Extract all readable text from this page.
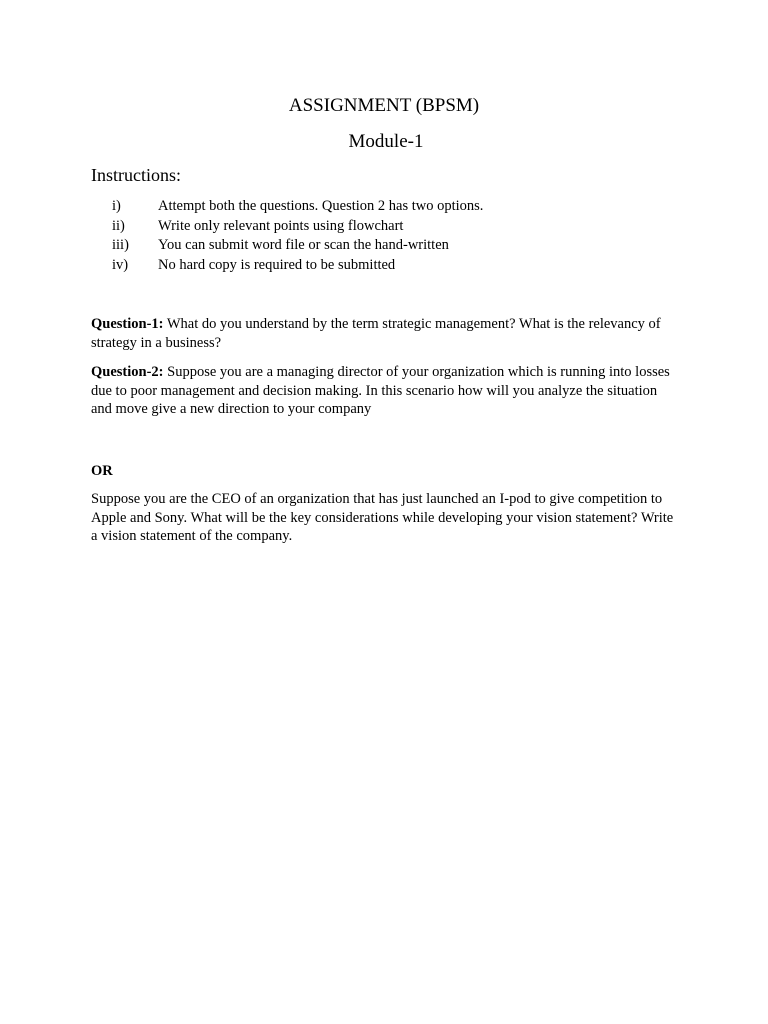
ASSIGNMENT (BPSM)
Module-1
Instructions:
i)	Attempt both the questions. Question 2 has two options.
ii) Write only relevant points using flowchart
iii) You can submit word file or scan the hand-written
iv) No hard copy is required to be submitted

Question-1: What do you understand by the term strategic management? What is the relevancy of strategy in a business?

Question-2: Suppose you are a managing director of your organization which is running into losses due to poor management and decision making. In this scenario how will you analyze the situation and move give a new direction to your company

OR

Suppose you are the CEO of an organization that has just launched an I-pod to give competition to Apple and Sony. What will be the key considerations while developing your vision statement? Write a vision statement of the company.
